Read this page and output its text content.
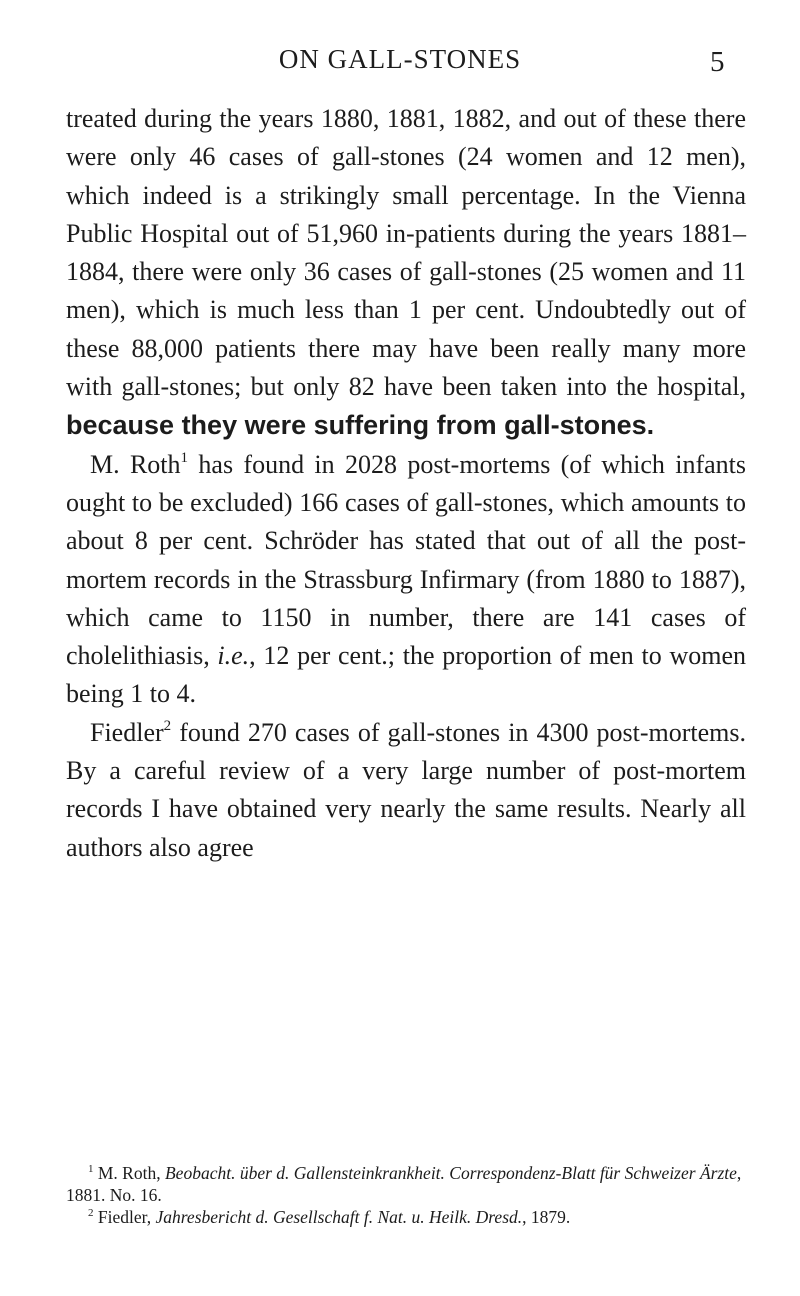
ON GALL-STONES	5

treated during the years 1880, 1881, 1882, and out of these there were only 46 cases of gall-stones (24 women and 12 men), which indeed is a strikingly small percentage. In the Vienna Public Hospital out of 51,960 in-patients during the years 1881–1884, there were only 36 cases of gall-stones (25 women and 11 men), which is much less than 1 per cent. Undoubtedly out of these 88,000 patients there may have been really many more with gall-stones; but only 82 have been taken into the hospital, because they were suffering from gall-stones.

M. Roth$^1$ has found in 2028 post-mortems (of which infants ought to be excluded) 166 cases of gall-stones, which amounts to about 8 per cent. Schröder has stated that out of all the post-mortem records in the Strassburg Infirmary (from 1880 to 1887), which came to 1150 in number, there are 141 cases of cholelithiasis, i.e., 12 per cent.; the proportion of men to women being 1 to 4.

Fiedler$^2$ found 270 cases of gall-stones in 4300 post-mortems. By a careful review of a very large number of post-mortem records I have obtained very nearly the same results. Nearly all authors also agree

$^1$ M. Roth, Beobacht. über d. Gallensteinkrankheit. Correspondenz-Blatt für Schweizer Ärzte, 1881. No. 16.

$^2$ Fiedler, Jahresbericht d. Gesellschaft f. Nat. u. Heilk. Dresd., 1879.
